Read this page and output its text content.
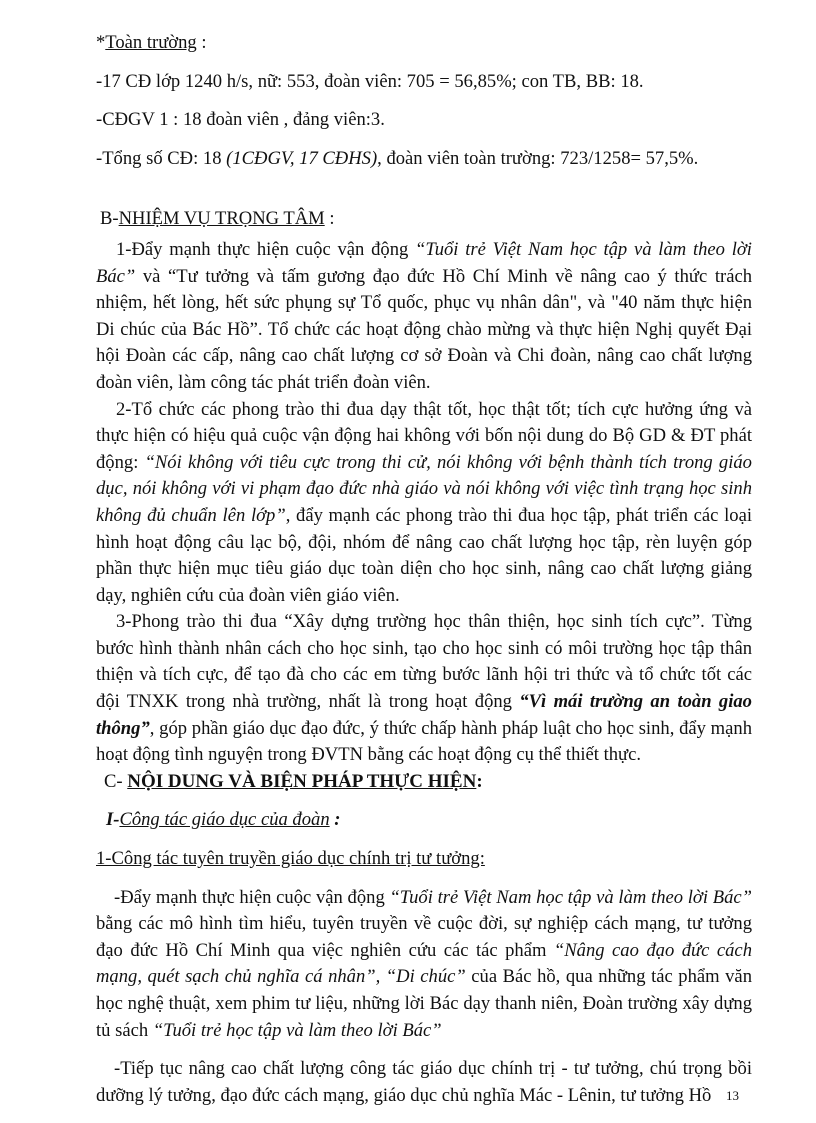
*Toàn trường :

-17 CĐ lớp 1240 h/s, nữ: 553, đoàn viên: 705 = 56,85%; con TB, BB: 18.

-CĐGV 1 : 18 đoàn viên , đảng viên:3.

-Tổng số CĐ: 18 (1CĐGV, 17 CĐHS), đoàn viên toàn trường: 723/1258= 57,5%.

B-NHIỆM VỤ TRỌNG TÂM :

1-Đẩy mạnh thực hiện cuộc vận động “Tuổi trẻ Việt Nam học tập và làm theo lời Bác” và “Tư tưởng và tấm gương đạo đức Hồ Chí Minh về nâng cao ý thức trách nhiệm, hết lòng, hết sức phụng sự Tổ quốc, phục vụ nhân dân", và "40 năm thực hiện Di chúc của Bác Hồ”. Tổ chức các hoạt động chào mừng và thực hiện Nghị quyết Đại hội Đoàn các cấp, nâng cao chất lượng cơ sở Đoàn và Chi đoàn, nâng cao chất lượng đoàn viên, làm công tác phát triển đoàn viên.

2-Tổ chức các phong trào thi đua dạy thật tốt, học thật tốt; tích cực hưởng ứng và thực hiện có hiệu quả cuộc vận động hai không với bốn nội dung do Bộ GD & ĐT phát động: “Nói không với tiêu cực trong thi cử, nói không với bệnh thành tích trong giáo dục, nói không với vi phạm đạo đức nhà giáo và nói không với việc tình trạng học sinh không đủ chuẩn lên lớp”, đẩy mạnh các phong trào thi đua học tập, phát triển các loại hình hoạt động câu lạc bộ, đội, nhóm để nâng cao chất lượng học tập, rèn luyện góp phần thực hiện mục tiêu giáo dục toàn diện cho học sinh, nâng cao chất lượng giảng dạy, nghiên cứu của đoàn viên giáo viên.

3-Phong trào thi đua “Xây dựng trường học thân thiện, học sinh tích cực”. Từng bước hình thành nhân cách cho học sinh, tạo cho học sinh có môi trường học tập thân thiện và tích cực, để tạo đà cho các em từng bước lãnh hội tri thức và tổ chức tốt các đội TNXK trong nhà trường, nhất là trong hoạt động “Vì mái trường an toàn giao thông”, góp phần giáo dục đạo đức, ý thức chấp hành pháp luật cho học sinh, đẩy mạnh hoạt động tình nguyện trong ĐVTN bằng các hoạt động cụ thể thiết thực.

C- NỘI DUNG VÀ BIỆN PHÁP THỰC HIỆN:

I-Công tác giáo dục của đoàn :

1-Công tác tuyên truyền giáo dục chính trị tư tưởng:

-Đẩy mạnh thực hiện cuộc vận động “Tuổi trẻ Việt Nam học tập và làm theo lời Bác” bằng các mô hình tìm hiểu, tuyên truyền về cuộc đời, sự nghiệp cách mạng, tư tưởng đạo đức Hồ Chí Minh qua việc nghiên cứu các tác phẩm “Nâng cao đạo đức cách mạng, quét sạch chủ nghĩa cá nhân”, “Di chúc” của Bác hồ, qua những tác phẩm văn học nghệ thuật, xem phim tư liệu, những lời Bác dạy thanh niên, Đoàn trường xây dựng tủ sách “Tuổi trẻ học tập và làm theo lời Bác”

-Tiếp tục nâng cao chất lượng công tác giáo dục chính trị - tư tưởng, chú trọng bồi dưỡng lý tưởng, đạo đức cách mạng, giáo dục chủ nghĩa Mác - Lênin, tư tưởng Hồ	13
